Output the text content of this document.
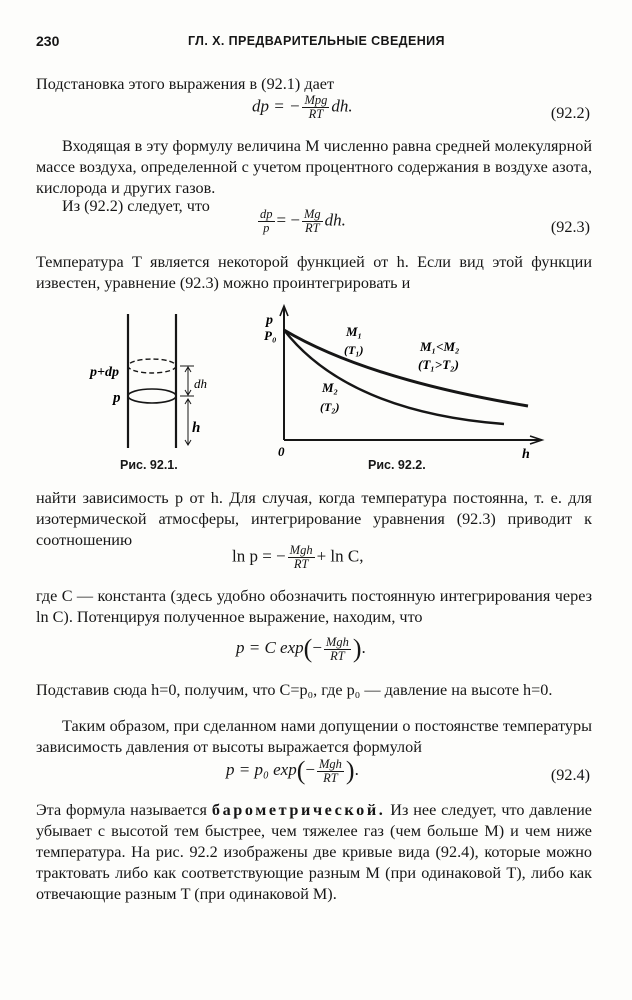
230	ГЛ. X. ПРЕДВАРИТЕЛЬНЫЕ СВЕДЕНИЯ
Подстановка этого выражения в (92.1) дает
dp = − $\frac{\text{Mpg}}{RT}$ dh.	(92.2)
Входящая в эту формулу величина M численно равна средней молекулярной массе воздуха, определенной с учетом процентного содержания в воздухе азота, кислорода и других газов.
Из (92.2) следует, что
$\frac{dp}{p}$ = − $\frac{Mg}{RT}$ dh.	(92.3)
Температура T является некоторой функцией от h. Если вид этой функции известен, уравнение (92.3) можно проинтегрировать и
p+dp
p
dh
h
p
P₀	M₁
(T₁)	M₁<M₂
(T₁>T₂)
M₂
(T₂)
0	h
Рис. 92.1.	Рис. 92.2.
найти зависимость p от h. Для случая, когда температура постоянна, т. е. для изотермической атмосферы, интегрирование уравнения (92.3) приводит к соотношению
ln p = − $\frac{\text{Mgh}}{RT} + \ln C$,
где C — константа (здесь удобно обозначить постоянную интегрирования через ln C). Потенцируя полученное выражение, находим, что
p = C $\exp(- \frac{\text{Mgh}}{RT}$ ).
Подставив сюда h=0, получим, что C=p₀, где p₀ — давление на высоте h=0.
Таким образом, при сделанном нами допущении о постоянстве температуры зависимость давления от высоты выражается формулой
p = p₀ $\exp(- \frac{\text{Mgh}}{RT}$ ).	(92.4)
Эта формула называется барометрической. Из нее следует, что давление убывает с высотой тем быстрее, чем тяжелее газ (чем больше M) и чем ниже температура. На рис. 92.2 изображены две кривые вида (92.4), которые можно трактовать либо как соответствующие разным M (при одинаковой T), либо как отвечающие разным T (при одинаковой M).
